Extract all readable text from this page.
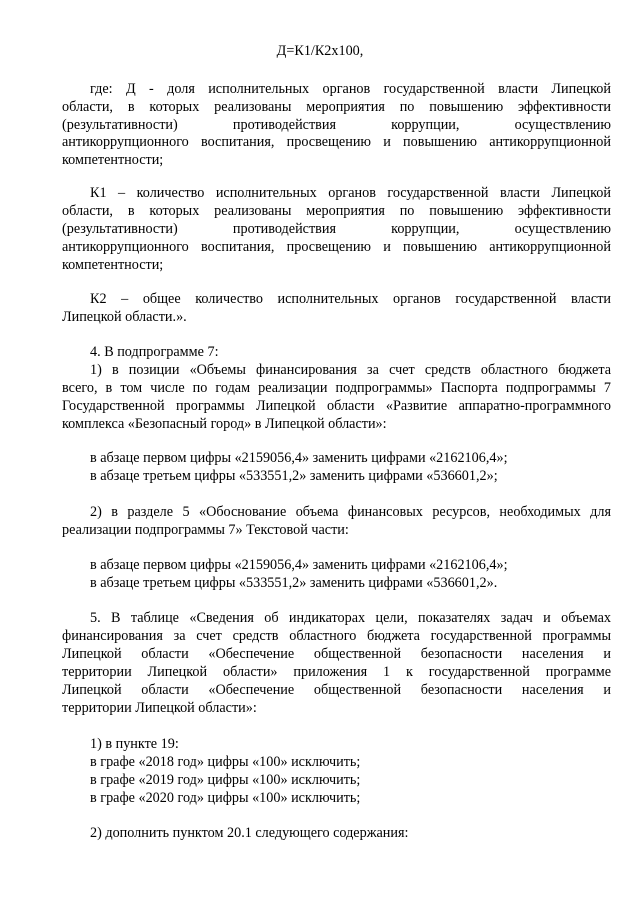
Д=К1/К2х100,

где: Д - доля исполнительных органов государственной власти Липецкой

области, в которых реализованы мероприятия по повышению эффективности

(результативности) противодействия коррупции, осуществлению

антикоррупционного воспитания, просвещению и повышению антикоррупционной

компетентности;

К1 – количество исполнительных органов государственной власти Липецкой

области, в которых реализованы мероприятия по повышению эффективности

(результативности) противодействия коррупции, осуществлению

антикоррупционного воспитания, просвещению и повышению антикоррупционной

компетентности;

К2 – общее количество исполнительных органов государственной власти

Липецкой области.».

4. В подпрограмме 7:

1) в позиции «Объемы финансирования за счет средств областного бюджета

всего, в том числе по годам реализации подпрограммы» Паспорта подпрограммы 7

Государственной программы Липецкой области «Развитие аппаратно-программного

комплекса «Безопасный город» в Липецкой области»:

в абзаце первом цифры «2159056,4» заменить цифрами «2162106,4»;

в абзаце третьем цифры «533551,2» заменить цифрами «536601,2»;

2) в разделе 5 «Обоснование объема финансовых ресурсов, необходимых для

реализации подпрограммы 7» Текстовой части:

в абзаце первом цифры «2159056,4» заменить цифрами «2162106,4»;

в абзаце третьем цифры «533551,2» заменить цифрами «536601,2».

5. В таблице «Сведения об индикаторах цели, показателях задач и объемах

финансирования за счет средств областного бюджета государственной программы

Липецкой области «Обеспечение общественной безопасности населения и

территории Липецкой области» приложения 1 к государственной программе

Липецкой области «Обеспечение общественной безопасности населения и

территории Липецкой области»:

1) в пункте 19:

в графе «2018 год» цифры «100» исключить;

в графе «2019 год» цифры «100» исключить;

в графе «2020 год» цифры «100» исключить;

2) дополнить пунктом 20.1 следующего содержания:
